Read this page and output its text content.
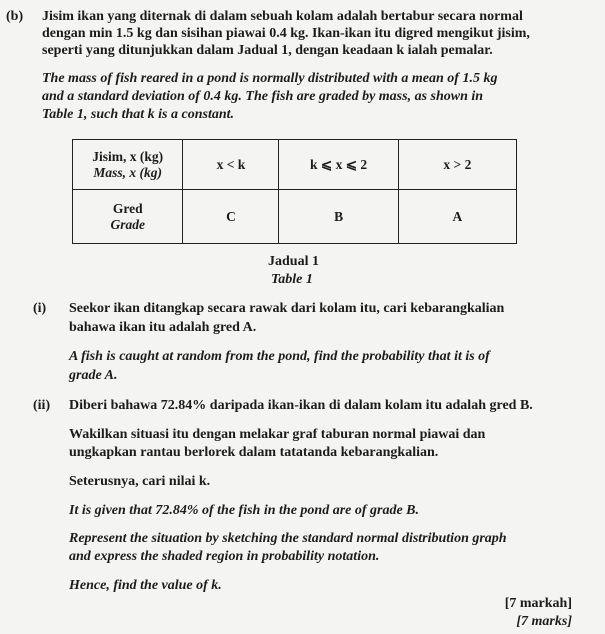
(b) Jisim ikan yang diternak di dalam sebuah kolam adalah bertabur secara normal
dengan min 1.5 kg dan sisihan piawai 0.4 kg. Ikan-ikan itu digred mengikut jisim,
seperti yang ditunjukkan dalam Jadual 1, dengan keadaan k ialah pemalar.
The mass of fish reared in a pond is normally distributed with a mean of 1.5 kg
and a standard deviation of 0.4 kg. The fish are graded by mass, as shown in
Table 1, such that k is a constant.
Jisim, x (kg)
Mass, x (kg)	x < k	k ⩽ x ⩽ 2	x > 2

Gred
Grade	C	B	A
Jadual 1
Table 1
(i) Seekor ikan ditangkap secara rawak dari kolam itu, cari kebarangkalian
bahawa ikan itu adalah gred A.
A fish is caught at random from the pond, find the probability that it is of
grade A.
(ii) Diberi bahawa 72.84% daripada ikan-ikan di dalam kolam itu adalah gred B.
Wakilkan situasi itu dengan melakar graf taburan normal piawai dan
ungkapkan rantau berlorek dalam tatatanda kebarangkalian.
Seterusnya, cari nilai k.
It is given that 72.84% of the fish in the pond are of grade B.
Represent the situation by sketching the standard normal distribution graph
and express the shaded region in probability notation.
Hence, find the value of k.
[7 markah]
[7 marks]
